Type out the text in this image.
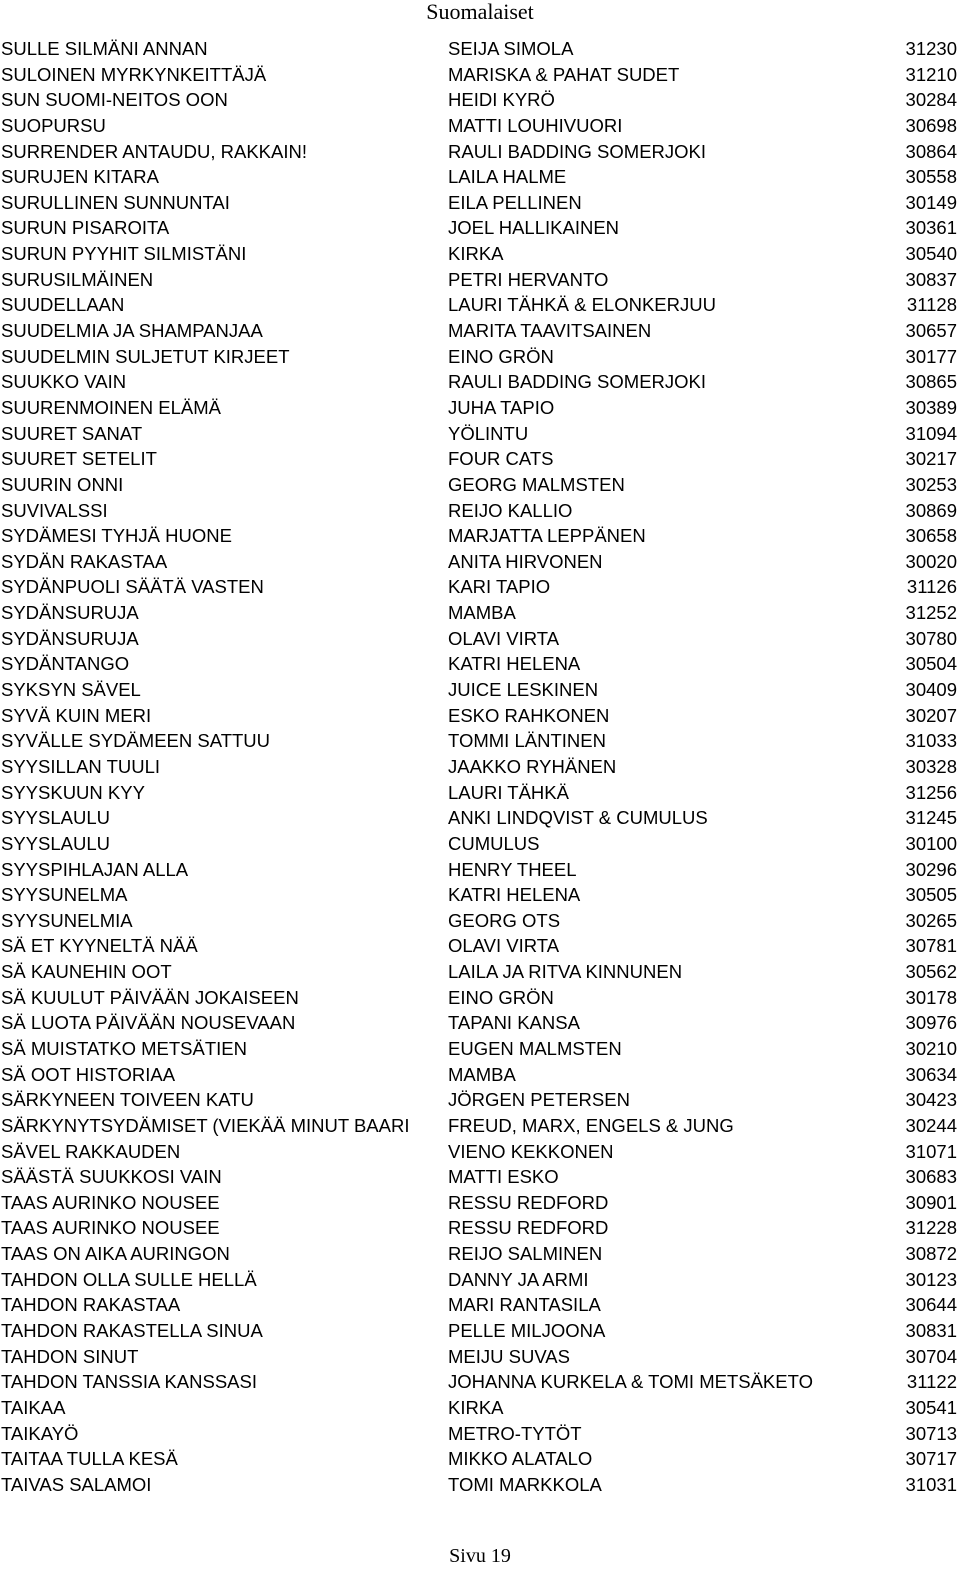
Suomalaiset
SULLE SILMÄNI ANNAN	SEIJA SIMOLA	31230
SULOINEN MYRKYNKEITTÄJÄ	MARISKA & PAHAT SUDET	31210
SUN SUOMI-NEITOS OON	HEIDI KYRÖ	30284
SUOPURSU	MATTI LOUHIVUORI	30698
SURRENDER ANTAUDU, RAKKAIN!	RAULI BADDING SOMERJOKI	30864
SURUJEN KITARA	LAILA HALME	30558
SURULLINEN SUNNUNTAI	EILA PELLINEN	30149
SURUN PISAROITA	JOEL HALLIKAINEN	30361
SURUN PYYHIT SILMISTÄNI	KIRKA	30540
SURUSILMÄINEN	PETRI HERVANTO	30837
SUUDELLAAN	LAURI TÄHKÄ & ELONKERJUU	31128
SUUDELMIA JA SHAMPANJAA	MARITA TAAVITSAINEN	30657
SUUDELMIN SULJETUT KIRJEET	EINO GRÖN	30177
SUUKKO VAIN	RAULI BADDING SOMERJOKI	30865
SUURENMOINEN ELÄMÄ	JUHA TAPIO	30389
SUURET SANAT	YÖLINTU	31094
SUURET SETELIT	FOUR CATS	30217
SUURIN ONNI	GEORG MALMSTEN	30253
SUVIVALSSI	REIJO KALLIO	30869
SYDÄMESI TYHJÄ HUONE	MARJATTA LEPPÄNEN	30658
SYDÄN RAKASTAA	ANITA HIRVONEN	30020
SYDÄNPUOLI SÄÄTÄ VASTEN	KARI TAPIO	31126
SYDÄNSURUJA	MAMBA	31252
SYDÄNSURUJA	OLAVI VIRTA	30780
SYDÄNTANGO	KATRI HELENA	30504
SYKSYN SÄVEL	JUICE LESKINEN	30409
SYVÄ KUIN MERI	ESKO RAHKONEN	30207
SYVÄLLE SYDÄMEEN SATTUU	TOMMI LÄNTINEN	31033
SYYSILLAN TUULI	JAAKKO RYHÄNEN	30328
SYYSKUUN KYY	LAURI TÄHKÄ	31256
SYYSLAULU	ANKI LINDQVIST & CUMULUS	31245
SYYSLAULU	CUMULUS	30100
SYYSPIHLAJAN ALLA	HENRY THEEL	30296
SYYSUNELMA	KATRI HELENA	30505
SYYSUNELMIA	GEORG OTS	30265
SÄ ET KYYNELTÄ NÄÄ	OLAVI VIRTA	30781
SÄ KAUNEHIN OOT	LAILA JA RITVA KINNUNEN	30562
SÄ KUULUT PÄIVÄÄN JOKAISEEN	EINO GRÖN	30178
SÄ LUOTA PÄIVÄÄN NOUSEVAAN	TAPANI KANSA	30976
SÄ MUISTATKO METSÄTIEN	EUGEN MALMSTEN	30210
SÄ OOT HISTORIAA	MAMBA	30634
SÄRKYNEEN TOIVEEN KATU	JÖRGEN PETERSEN	30423
SÄRKYNYTSYDÄMISET (VIEKÄÄ MINUT BAARI	FREUD, MARX, ENGELS & JUNG	30244
SÄVEL RAKKAUDEN	VIENO KEKKONEN	31071
SÄÄSTÄ SUUKKOSI VAIN	MATTI ESKO	30683
TAAS AURINKO NOUSEE	RESSU REDFORD	30901
TAAS AURINKO NOUSEE	RESSU REDFORD	31228
TAAS ON AIKA AURINGON	REIJO SALMINEN	30872
TAHDON OLLA SULLE HELLÄ	DANNY JA ARMI	30123
TAHDON RAKASTAA	MARI RANTASILA	30644
TAHDON RAKASTELLA SINUA	PELLE MILJOONA	30831
TAHDON SINUT	MEIJU SUVAS	30704
TAHDON TANSSIA KANSSASI	JOHANNA KURKELA & TOMI METSÄKETO	31122
TAIKAA	KIRKA	30541
TAIKAYÖ	METRO-TYTÖT	30713
TAITAA TULLA KESÄ	MIKKO ALATALO	30717
TAIVAS SALAMOI	TOMI MARKKOLA	31031
Sivu 19
